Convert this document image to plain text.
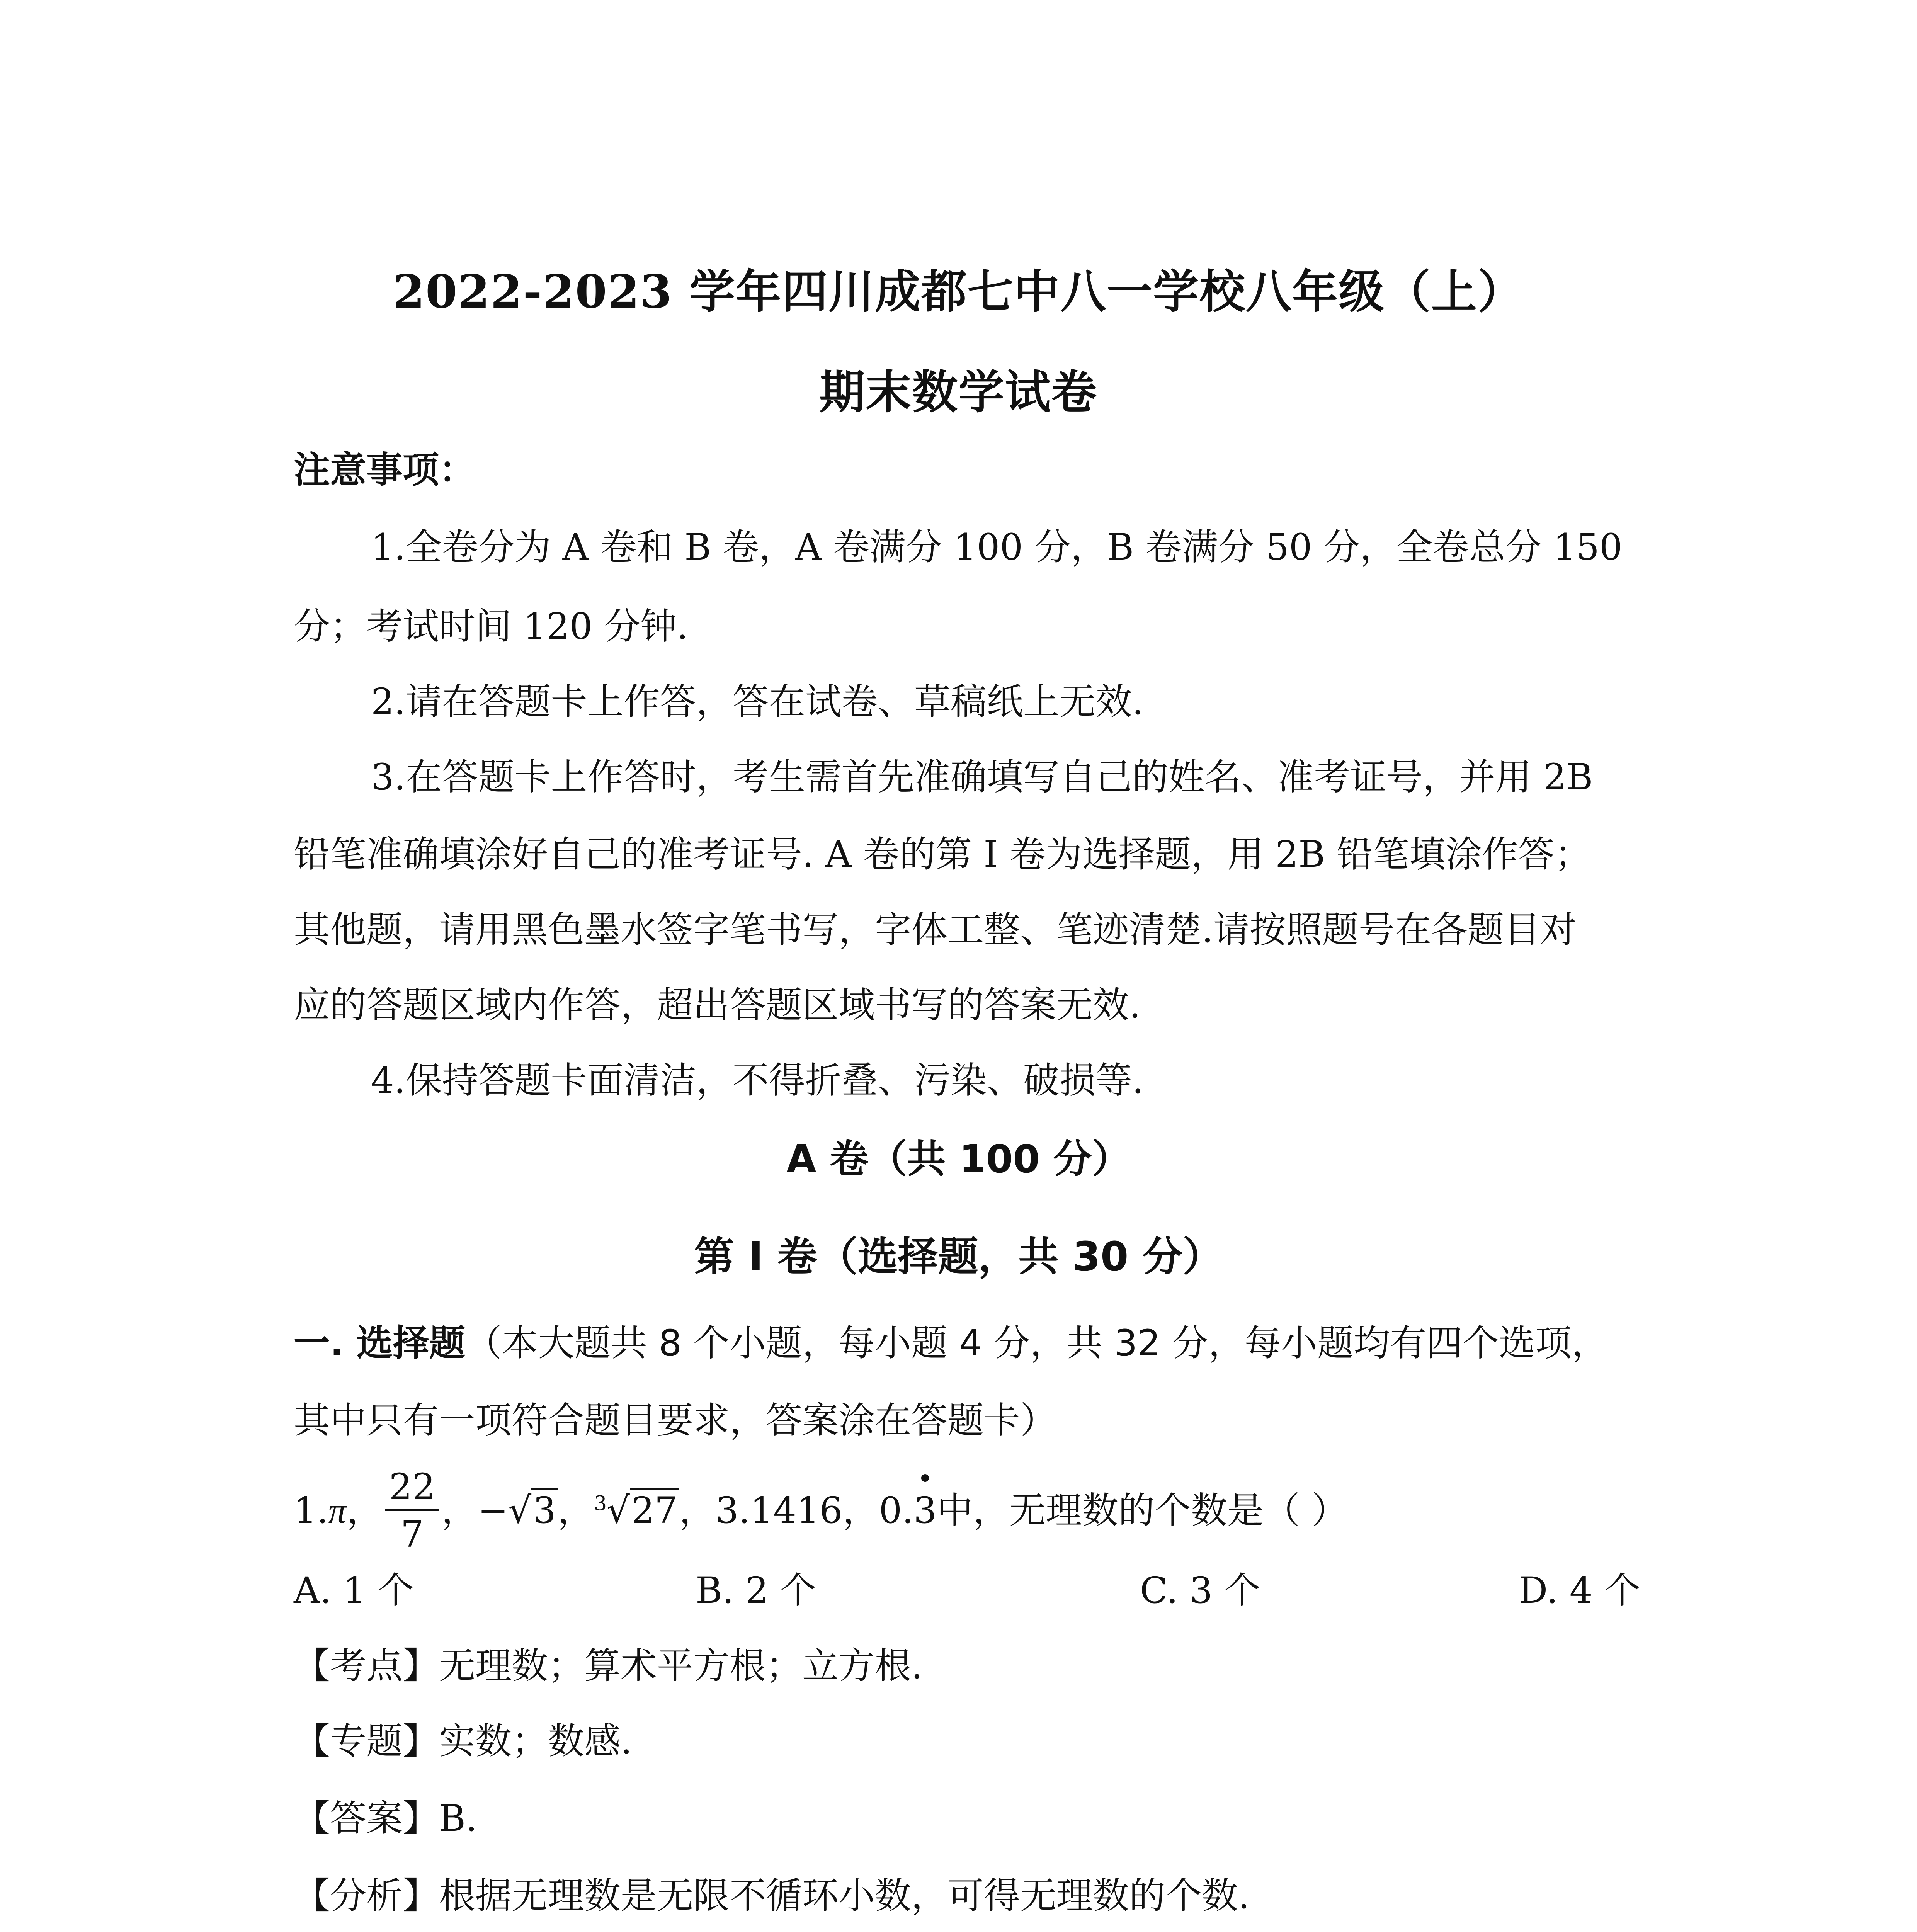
2022-2023 学年四川成都七中八一学校八年级（上）
期末数学试卷
注意事项：
1.全卷分为 A 卷和 B 卷，A 卷满分 100 分，B 卷满分 50 分，全卷总分 150
分；考试时间 120 分钟.
2.请在答题卡上作答，答在试卷、草稿纸上无效.
3.在答题卡上作答时，考生需首先准确填写自己的姓名、准考证号，并用 2B
铅笔准确填涂好自己的准考证号. A 卷的第 I 卷为选择题，用 2B 铅笔填涂作答；
其他题，请用黑色墨水签字笔书写，字体工整、笔迹清楚.请按照题号在各题目对
应的答题区域内作答，超出答题区域书写的答案无效.
4.保持答题卡面清洁，不得折叠、污染、破损等.
A 卷（共 100 分）
第 I 卷（选择题，共 30 分）
一. 选择题（本大题共 8 个小题，每小题 4 分，共 32 分，每小题均有四个选项，
其中只有一项符合题目要求，答案涂在答题卡）
1. π ， $\frac{22}{7}$ ， −√3 ， $^3$√27 ， 3.1416 ， 0.3 中，无理数的个数是（ ）
A. 1 个	B. 2 个	C. 3 个	D. 4 个
【考点】无理数；算术平方根；立方根.
【专题】实数；数感.
【答案】B.
【分析】根据无理数是无限不循环小数，可得无理数的个数.
